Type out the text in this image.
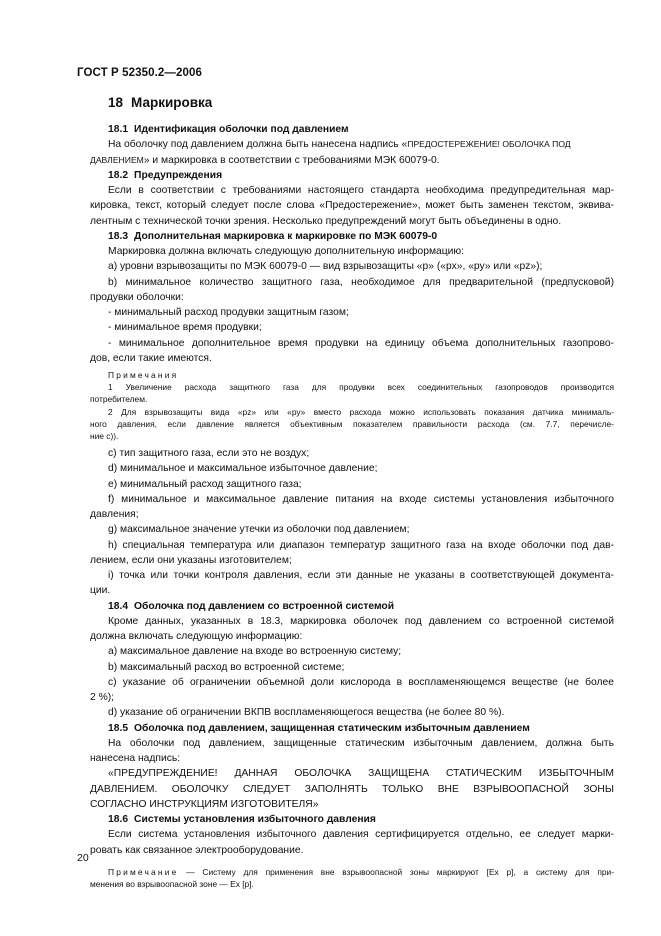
ГОСТ Р 52350.2—2006
18 Маркировка

18.1 Идентификация оболочки под давлением

На оболочку под давлением должна быть нанесена надпись «ПРЕДОСТЕРЕЖЕНИЕ! ОБОЛОЧКА ПОД

ДАВЛЕНИЕМ» и маркировка в соответствии с требованиями МЭК 60079-0.

18.2 Предупреждения

Если в соответствии с требованиями настоящего стандарта необходима предупредительная мар-

кировка, текст, который следует после слова «Предостережение», может быть заменен текстом, эквива-

лентным с технической точки зрения. Несколько предупреждений могут быть объединены в одно.

18.3 Дополнительная маркировка к маркировке по МЭК 60079-0

Маркировка должна включать следующую дополнительную информацию:

a) уровни взрывозащиты по МЭК 60079-0 — вид взрывозащиты «р» («рх», «ру» или «pz»);

b) минимальное количество защитного газа, необходимое для предварительной (предпусковой)

продувки оболочки:

- минимальный расход продувки защитным газом;

- минимальное время продувки;

- минимальное дополнительное время продувки на единицу объема дополнительных газопрово-

дов, если такие имеются.

Примечания

1 Увеличение расхода защитного газа для продувки всех соединительных газопроводов производится

потребителем.

2 Для взрывозащиты вида «pz» или «ру» вместо расхода можно использовать показания датчика минималь-

ного давления, если давление является объективным показателем правильности расхода (см. 7.7, перечисле-

ние с)).

c) тип защитного газа, если это не воздух;

d) минимальное и максимальное избыточное давление;

e) минимальный расход защитного газа;

f) минимальное и максимальное давление питания на входе системы установления избыточного

давления;

g) максимальное значение утечки из оболочки под давлением;

h) специальная температура или диапазон температур защитного газа на входе оболочки под дав-

лением, если они указаны изготовителем;

i) точка или точки контроля давления, если эти данные не указаны в соответствующей документа-

ции.

18.4 Оболочка под давлением со встроенной системой

Кроме данных, указанных в 18.3, маркировка оболочек под давлением со встроенной системой

должна включать следующую информацию:

a) максимальное давление на входе во встроенную систему;

b) максимальный расход во встроенной системе;

c) указание об ограничении объемной доли кислорода в воспламеняющемся веществе (не более

2 %);

d) указание об ограничении ВКПВ воспламеняющегося вещества (не более 80 %).

18.5 Оболочка под давлением, защищенная статическим избыточным давлением

На оболочки под давлением, защищенные статическим избыточным давлением, должна быть

нанесена надпись:

«ПРЕДУПРЕЖДЕНИЕ! ДАННАЯ ОБОЛОЧКА ЗАЩИЩЕНА СТАТИЧЕСКИМ ИЗБЫТОЧНЫМ

ДАВЛЕНИЕМ. ОБОЛОЧКУ СЛЕДУЕТ ЗАПОЛНЯТЬ ТОЛЬКО ВНЕ ВЗРЫВООПАСНОЙ ЗОНЫ

СОГЛАСНО ИНСТРУКЦИЯМ ИЗГОТОВИТЕЛЯ»

18.6 Системы установления избыточного давления

Если система установления избыточного давления сертифицируется отдельно, ее следует марки-

ровать как связанное электрооборудование.

Примечание — Систему для применения вне взрывоопасной зоны маркируют [Ex p], а систему для при-

менения во взрывоопасной зоне — Ex [p].

20
